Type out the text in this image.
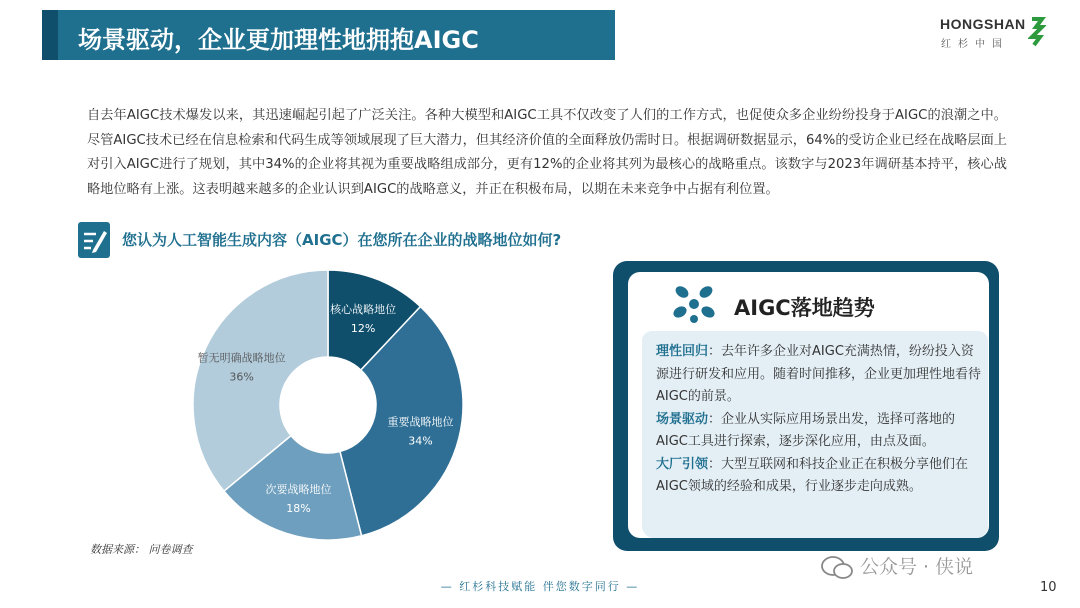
场景驱动，企业更加理性地拥抱AIGC
HONGSHAN
红杉中国
自去年AIGC技术爆发以来，其迅速崛起引起了广泛关注。各种大模型和AIGC工具不仅改变了人们的工作方式，也促使众多企业纷纷投身于AIGC的浪潮之中。尽管AIGC技术已经在信息检索和代码生成等领域展现了巨大潜力，但其经济价值的全面释放仍需时日。根据调研数据显示，64%的受访企业已经在战略层面上对引入AIGC进行了规划，其中34%的企业将其视为重要战略组成部分，更有12%的企业将其列为最核心的战略重点。该数字与2023年调研基本持平，核心战略地位略有上涨。这表明越来越多的企业认识到AIGC的战略意义，并正在积极布局，以期在未来竞争中占据有利位置。
您认为人工智能生成内容（AIGC）在您所在企业的战略地位如何?
核心战略地位
12%
重要战略地位
34%
次要战略地位
18%
暂无明确战略地位
36%
数据来源： 问卷调查
AIGC落地趋势
理性回归：去年许多企业对AIGC充满热情，纷纷投入资源进行研发和应用。随着时间推移，企业更加理性地看待AIGC的前景。
场景驱动：企业从实际应用场景出发，选择可落地的AIGC工具进行探索，逐步深化应用，由点及面。
大厂引领：大型互联网和科技企业正在积极分享他们在AIGC领域的经验和成果，行业逐步走向成熟。
公众号 · 侠说
— 红杉科技赋能 伴您数字同行 —	10
